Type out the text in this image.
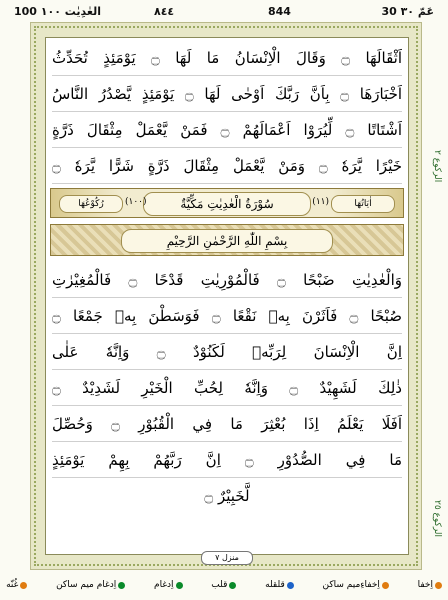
100 العٰدِیٰت ١٠٠	٨٤٤	844	30 عَمّ ٣٠
اَثْقَالَهَا ۝ وَقَالَ الْاِنْسَانُ مَا لَهَا ۝ يَوْمَئِذٍ تُحَدِّثُ
اَخْبَارَهَا ۝ بِاَنَّ رَبَّكَ اَوْحٰى لَهَا ۝ يَوْمَئِذٍ يَّصْدُرُ النَّاسُ
اَشْتَاتًا ۝ لِّيُرَوْا اَعْمَالَهُمْ ۝ فَمَنْ يَّعْمَلْ مِثْقَالَ ذَرَّةٍ
خَيْرًا يَّرَهٗ ۝ وَمَنْ يَّعْمَلْ مِثْقَالَ ذَرَّةٍ شَرًّا يَّرَهٗ ۝
اٰیَاتُهَا
(١١)
سُوْرَةُ الْعٰدِیٰتِ مَكِّيَّةٌ
(١٠٠)
رُكُوْعُهَا
بِسْمِ اللّٰهِ الرَّحْمٰنِ الرَّحِيْمِ
وَالْعٰدِيٰتِ ضَبْحًا ۝ فَالْمُوْرِيٰتِ قَدْحًا ۝ فَالْمُغِيْرٰتِ
صُبْحًا ۝ فَاَثَرْنَ بِهٖ نَقْعًا ۝ فَوَسَطْنَ بِهٖ جَمْعًا ۝
اِنَّ الْاِنْسَانَ لِرَبِّهٖ لَكَنُوْدٌ ۝ وَاِنَّهٗ عَلٰى
ذٰلِكَ لَشَهِيْدٌ ۝ وَاِنَّهٗ لِحُبِّ الْخَيْرِ لَشَدِيْدٌ ۝
اَفَلَا يَعْلَمُ اِذَا بُعْثِرَ مَا فِي الْقُبُوْرِ ۝ وَحُصِّلَ
مَا فِي الصُّدُوْرِ ۝ اِنَّ رَبَّهُمْ بِهِمْ يَوْمَئِذٍ
لَّخَبِيْرٌ ۝
منزل ٧
الرکوع ٢
الرکوع ٢٥
اِخفا
اِخفاءِميم ساكن
قلقله
قلب
اِدغام
اِدغام ميم ساكن
غُنّه
